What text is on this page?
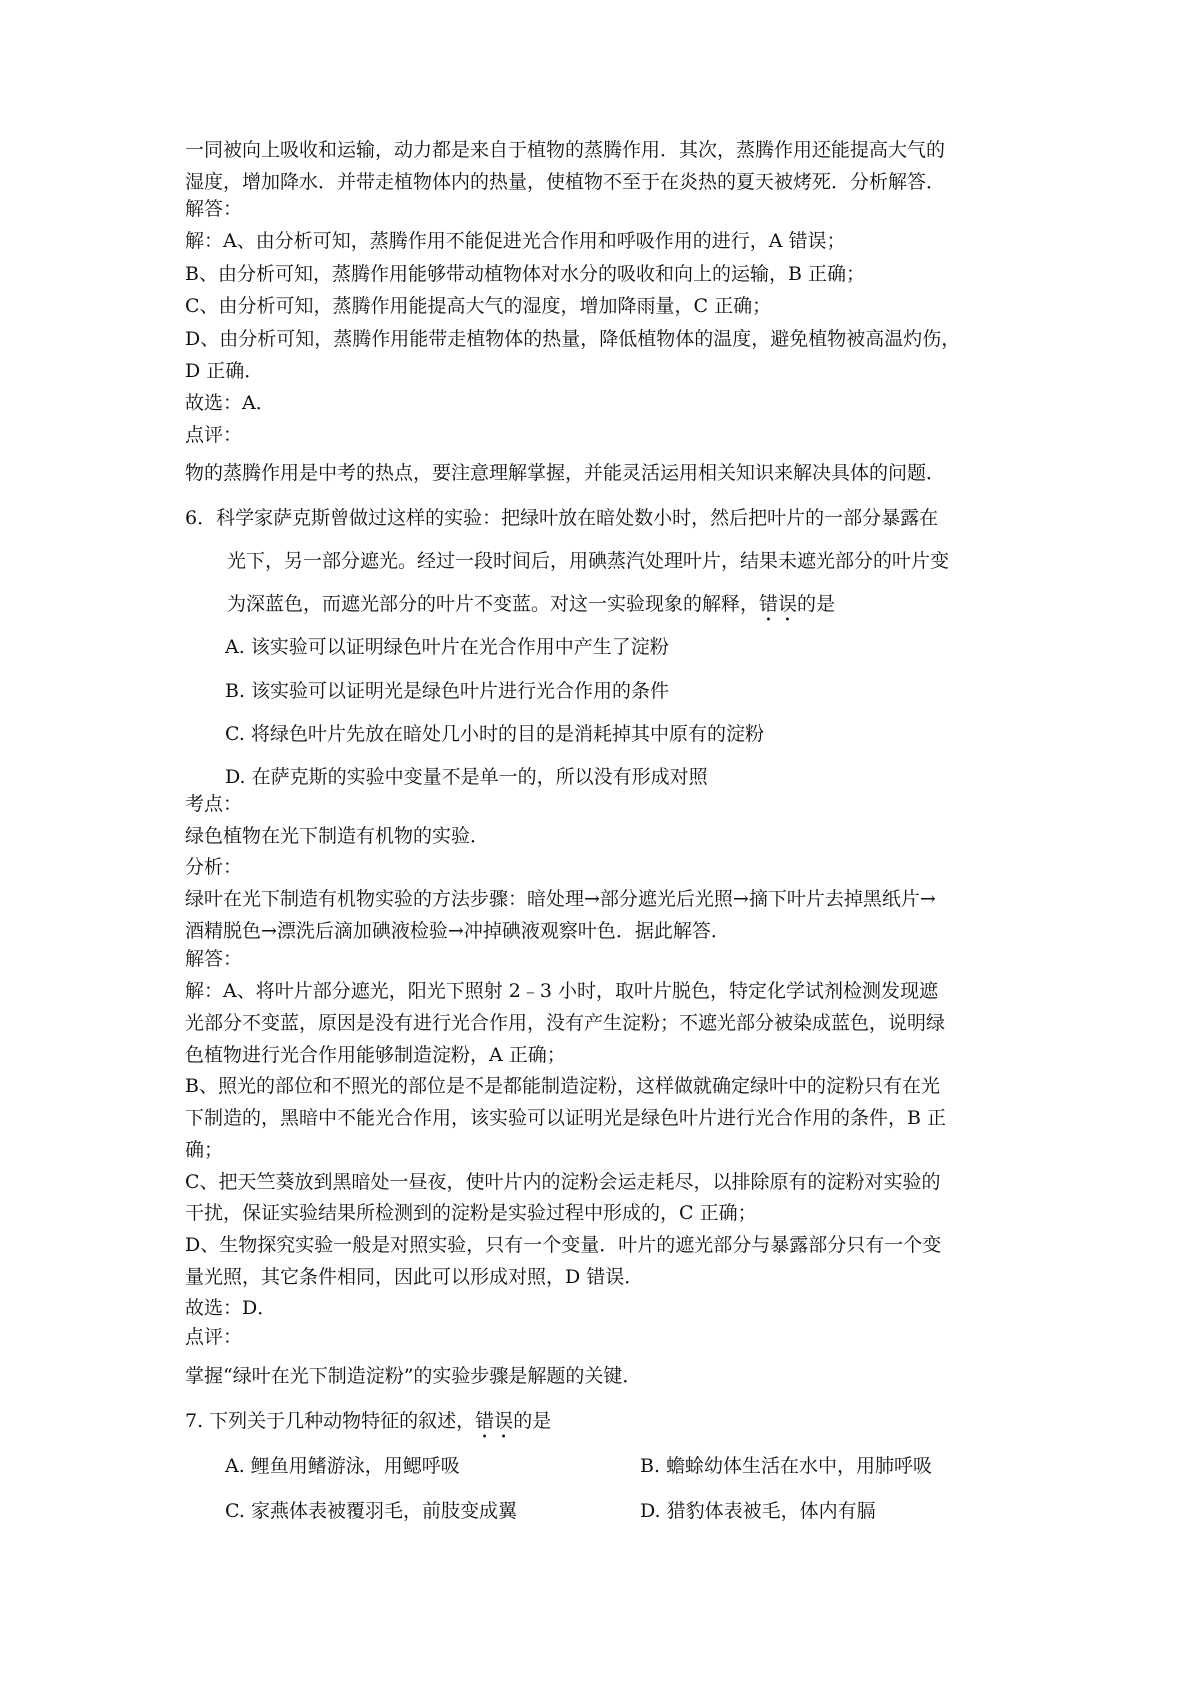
一同被向上吸收和运输，动力都是来自于植物的蒸腾作用．其次，蒸腾作用还能提高大气的
湿度，增加降水．并带走植物体内的热量，使植物不至于在炎热的夏天被烤死．分析解答．
解答：
解：A、由分析可知，蒸腾作用不能促进光合作用和呼吸作用的进行，A 错误；
B、由分析可知，蒸腾作用能够带动植物体对水分的吸收和向上的运输，B 正确；
C、由分析可知，蒸腾作用能提高大气的湿度，增加降雨量，C 正确；
D、由分析可知，蒸腾作用能带走植物体的热量，降低植物体的温度，避免植物被高温灼伤，
D 正确．
故选：A．
点评：
物的蒸腾作用是中考的热点，要注意理解掌握，并能灵活运用相关知识来解决具体的问题．
6．科学家萨克斯曾做过这样的实验：把绿叶放在暗处数小时，然后把叶片的一部分暴露在
光下，另一部分遮光。经过一段时间后，用碘蒸汽处理叶片，结果未遮光部分的叶片变
为深蓝色，而遮光部分的叶片不变蓝。对这一实验现象的解释，错误的是
A. 该实验可以证明绿色叶片在光合作用中产生了淀粉
B. 该实验可以证明光是绿色叶片进行光合作用的条件
C. 将绿色叶片先放在暗处几小时的目的是消耗掉其中原有的淀粉
D. 在萨克斯的实验中变量不是单一的，所以没有形成对照
考点：
绿色植物在光下制造有机物的实验．
分析：
绿叶在光下制造有机物实验的方法步骤：暗处理→部分遮光后光照→摘下叶片去掉黑纸片→
酒精脱色→漂洗后滴加碘液检验→冲掉碘液观察叶色．据此解答．
解答：
解：A、将叶片部分遮光，阳光下照射 2﹣3 小时，取叶片脱色，特定化学试剂检测发现遮
光部分不变蓝，原因是没有进行光合作用，没有产生淀粉；不遮光部分被染成蓝色，说明绿
色植物进行光合作用能够制造淀粉，A 正确；
B、照光的部位和不照光的部位是不是都能制造淀粉，这样做就确定绿叶中的淀粉只有在光
下制造的，黑暗中不能光合作用，该实验可以证明光是绿色叶片进行光合作用的条件，B 正
确；
C、把天竺葵放到黑暗处一昼夜，使叶片内的淀粉会运走耗尽，以排除原有的淀粉对实验的
干扰，保证实验结果所检测到的淀粉是实验过程中形成的，C 正确；
D、生物探究实验一般是对照实验，只有一个变量．叶片的遮光部分与暴露部分只有一个变
量光照，其它条件相同，因此可以形成对照，D 错误．
故选：D．
点评：
掌握“绿叶在光下制造淀粉”的实验步骤是解题的关键．
7. 下列关于几种动物特征的叙述，错误的是
A. 鲤鱼用鳍游泳，用鳃呼吸	B. 蟾蜍幼体生活在水中，用肺呼吸
C. 家燕体表被覆羽毛，前肢变成翼	D. 猎豹体表被毛，体内有膈
